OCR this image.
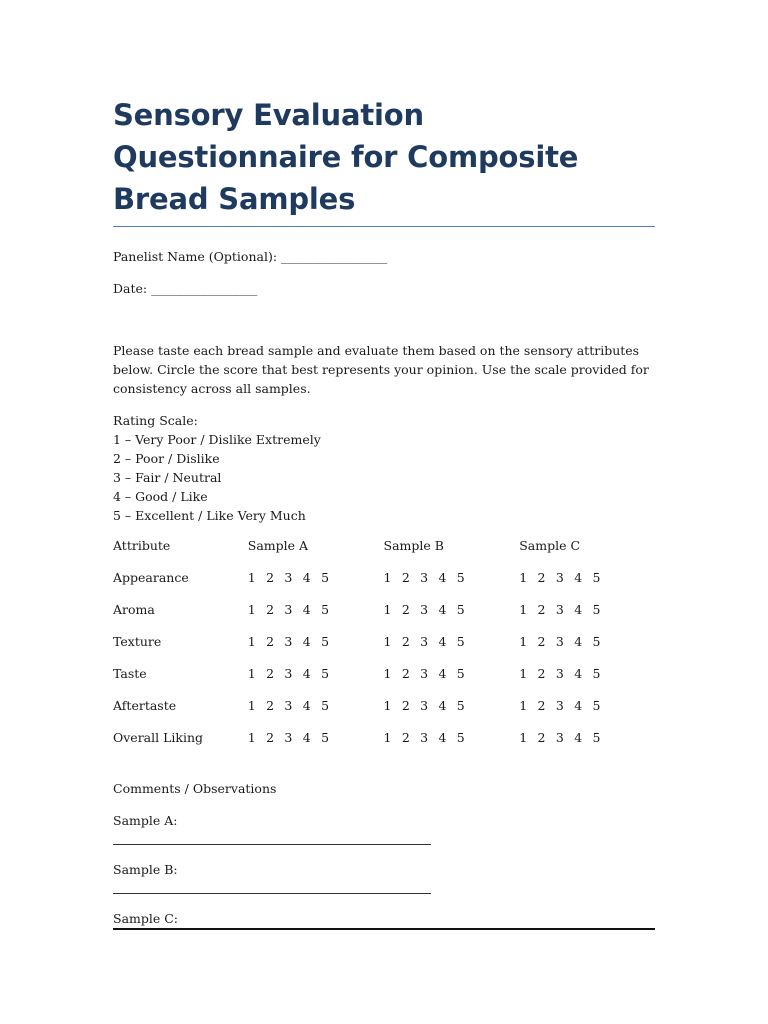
Sensory Evaluation Questionnaire for Composite Bread Samples

Panelist Name (Optional): _________________

Date: _________________

Please taste each bread sample and evaluate them based on the sensory attributes below. Circle the score that best represents your opinion. Use the scale provided for consistency across all samples.

Rating Scale:

1 – Very Poor / Dislike Extremely

2 – Poor / Dislike

3 – Fair / Neutral

4 – Good / Like

5 – Excellent / Like Very Much

Attribute	Sample A	Sample B	Sample C
Appearance	1 2 3 4 5	1 2 3 4 5	1 2 3 4 5
Aroma	1 2 3 4 5	1 2 3 4 5	1 2 3 4 5
Texture	1 2 3 4 5	1 2 3 4 5	1 2 3 4 5
Taste	1 2 3 4 5	1 2 3 4 5	1 2 3 4 5
Aftertaste	1 2 3 4 5	1 2 3 4 5	1 2 3 4 5
Overall Liking	1 2 3 4 5	1 2 3 4 5	1 2 3 4 5

Comments / Observations

Sample A:

Sample B:

Sample C:
